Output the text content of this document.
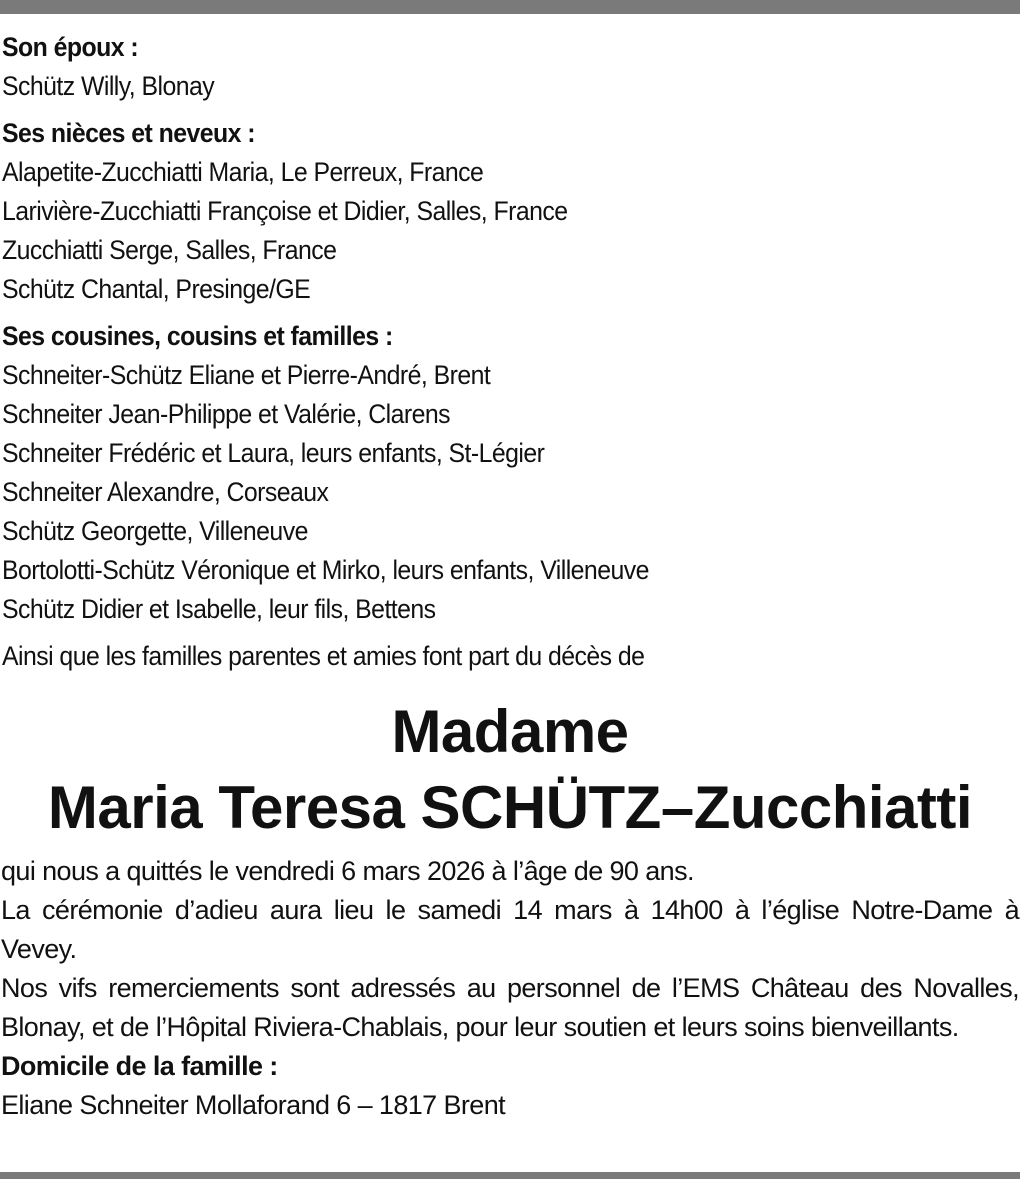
Son époux :
Schütz Willy, Blonay
Ses nièces et neveux :
Alapetite-Zucchiatti Maria, Le Perreux, France
Larivière-Zucchiatti Françoise et Didier, Salles, France
Zucchiatti Serge, Salles, France
Schütz Chantal, Presinge/GE
Ses cousines, cousins et familles :
Schneiter-Schütz Eliane et Pierre-André, Brent
Schneiter Jean-Philippe et Valérie, Clarens
Schneiter Frédéric et Laura, leurs enfants, St-Légier
Schneiter Alexandre, Corseaux
Schütz Georgette, Villeneuve
Bortolotti-Schütz Véronique et Mirko, leurs enfants, Villeneuve
Schütz Didier et Isabelle, leur fils, Bettens
Ainsi que les familles parentes et amies font part du décès de
Madame
Maria Teresa SCHÜTZ–Zucchiatti
qui nous a quittés le vendredi 6 mars 2026 à l’âge de 90 ans.
La cérémonie d’adieu aura lieu le samedi 14 mars à 14h00 à l’église Notre-Dame à Vevey.
Nos vifs remerciements sont adressés au personnel de l’EMS Château des Novalles, Blonay, et de l’Hôpital Riviera-Chablais, pour leur soutien et leurs soins bienveillants.
Domicile de la famille :
Eliane Schneiter Mollaforand 6 – 1817 Brent
